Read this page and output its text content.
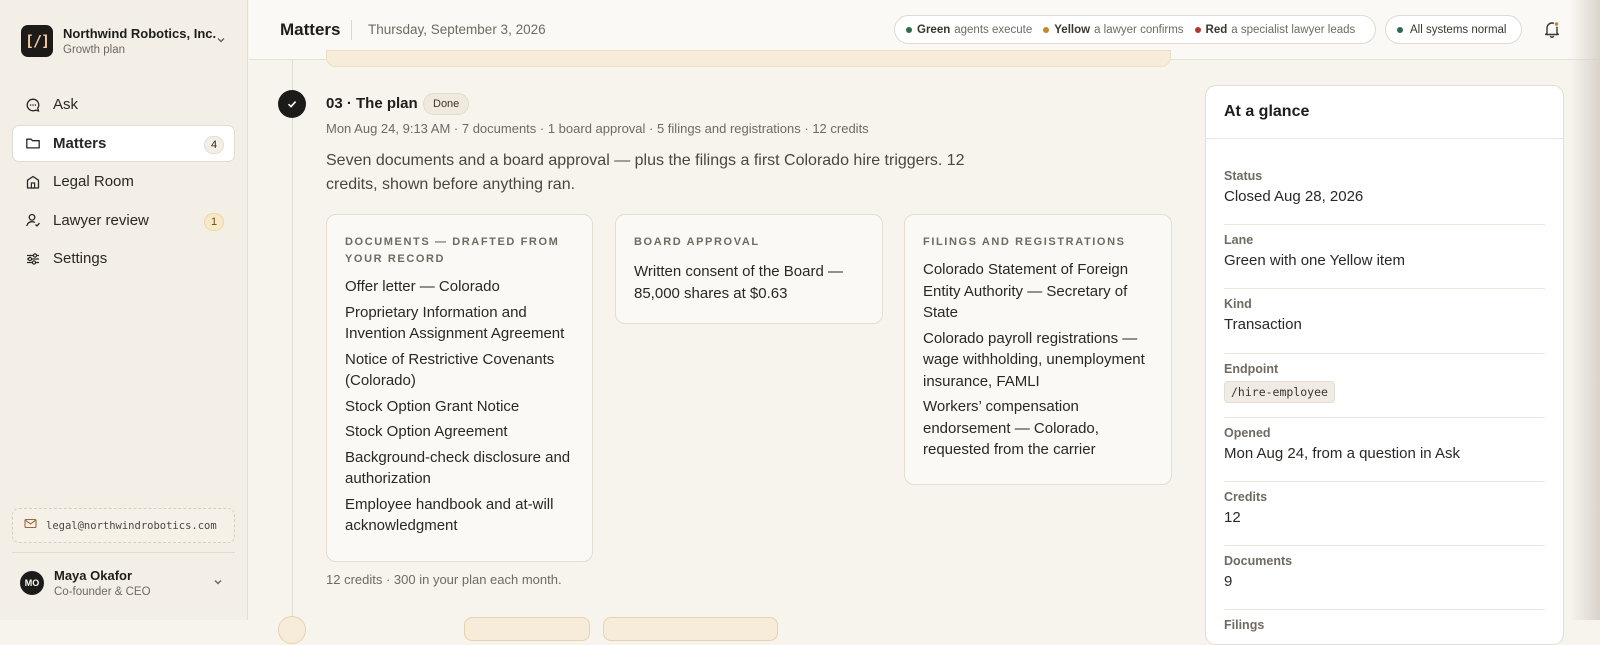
[/]	Northwind Robotics, Inc.
Growth plan
Ask
Matters	4
Legal Room
Lawyer review	1
Settings
legal@northwindrobotics.com
MO	Maya Okafor
Co-founder & CEO
Matters Thursday, September 3, 2026	Green agents execute Yellow a lawyer confirms Red a specialist lawyer leads	All systems normal
03 · The plan	Done
Mon Aug 24, 9:13 AM · 7 documents · 1 board approval · 5 filings and registrations · 12 credits
Seven documents and a board approval — plus the filings a first Colorado hire triggers. 12 credits, shown before anything ran.
DOCUMENTS — DRAFTED FROM YOUR RECORD
Offer letter — Colorado
Proprietary Information and Invention Assignment Agreement
Notice of Restrictive Covenants (Colorado)
Stock Option Grant Notice
Stock Option Agreement
Background-check disclosure and authorization
Employee handbook and at-will acknowledgment
BOARD APPROVAL

Written consent of the Board — 85,000 shares at $0.63

FILINGS AND REGISTRATIONS
Colorado Statement of Foreign Entity Authority — Secretary of State
Colorado payroll registrations — wage withholding, unemployment insurance, FAMLI
Workers’ compensation endorsement — Colorado, requested from the carrier
12 credits · 300 in your plan each month.
At a glance
Status
Closed Aug 28, 2026
Lane
Green with one Yellow item
Kind
Transaction
Endpoint
/hire-employee
Opened
Mon Aug 24, from a question in Ask
Credits
12
Documents
9
Filings
